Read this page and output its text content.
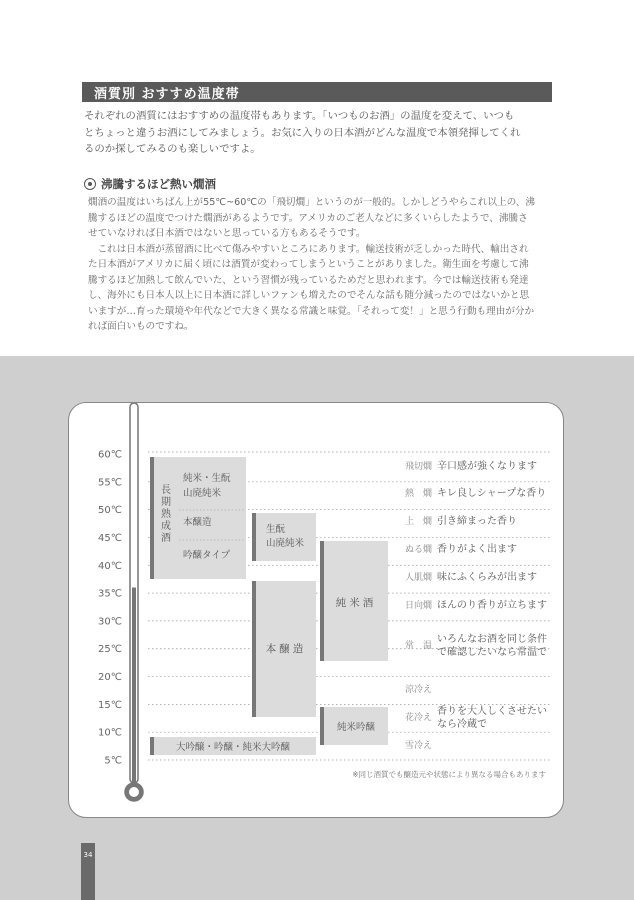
酒質別 おすすめ温度帯
それぞれの酒質にはおすすめの温度帯もあります。「いつものお酒」の温度を変えて、いつも
とちょっと違うお酒にしてみましょう。お気に入りの日本酒がどんな温度で本領発揮してくれ
るのか探してみるのも楽しいですよ。
沸騰するほど熱い燗酒
燗酒の温度はいちばん上が55℃~60℃の「飛切燗」というのが一般的。しかしどうやらこれ以上の、沸
騰するほどの温度でつけた燗酒があるようです。アメリカのご老人などに多くいらしたようで、沸騰さ
せていなければ日本酒ではないと思っている方もあるそうです。
　これは日本酒が蒸留酒に比べて傷みやすいところにあります。輸送技術が乏しかった時代、輸出され
た日本酒がアメリカに届く頃には酒質が変わってしまうということがありました。衛生面を考慮して沸
騰するほど加熱して飲んでいた、という習慣が残っているためだと思われます。今では輸送技術も発達
し、海外にも日本人以上に日本酒に詳しいファンも増えたのでそんな話も随分減ったのではないかと思
いますが…育った環境や年代などで大きく異なる常識と味覚。「それって変！」と思う行動も理由が分か
れば面白いものですね。
34
60℃
55℃
50℃
45℃
40℃
35℃
30℃
25℃
20℃
15℃
10℃
5℃
長
期
熟
成
酒
純米・生酛
山廃純米
本醸造
吟醸タイプ
生酛
山廃純米
本醸造
純米酒
純米吟醸
大吟醸・吟醸・純米大吟醸
飛切燗 辛口感が強くなります
熱　燗 キレ良しシャープな香り
上　燗 引き締まった香り
ぬる燗 香りがよく出ます
人肌燗 味にふくらみが出ます
日向燗 ほんのり香りが立ちます
常　温
いろんなお酒を同じ条件
で確認したいなら常温で
涼冷え
花冷え
香りを大人しくさせたい
なら冷蔵で
雪冷え
※同じ酒質でも醸造元や状態により異なる場合もあります
